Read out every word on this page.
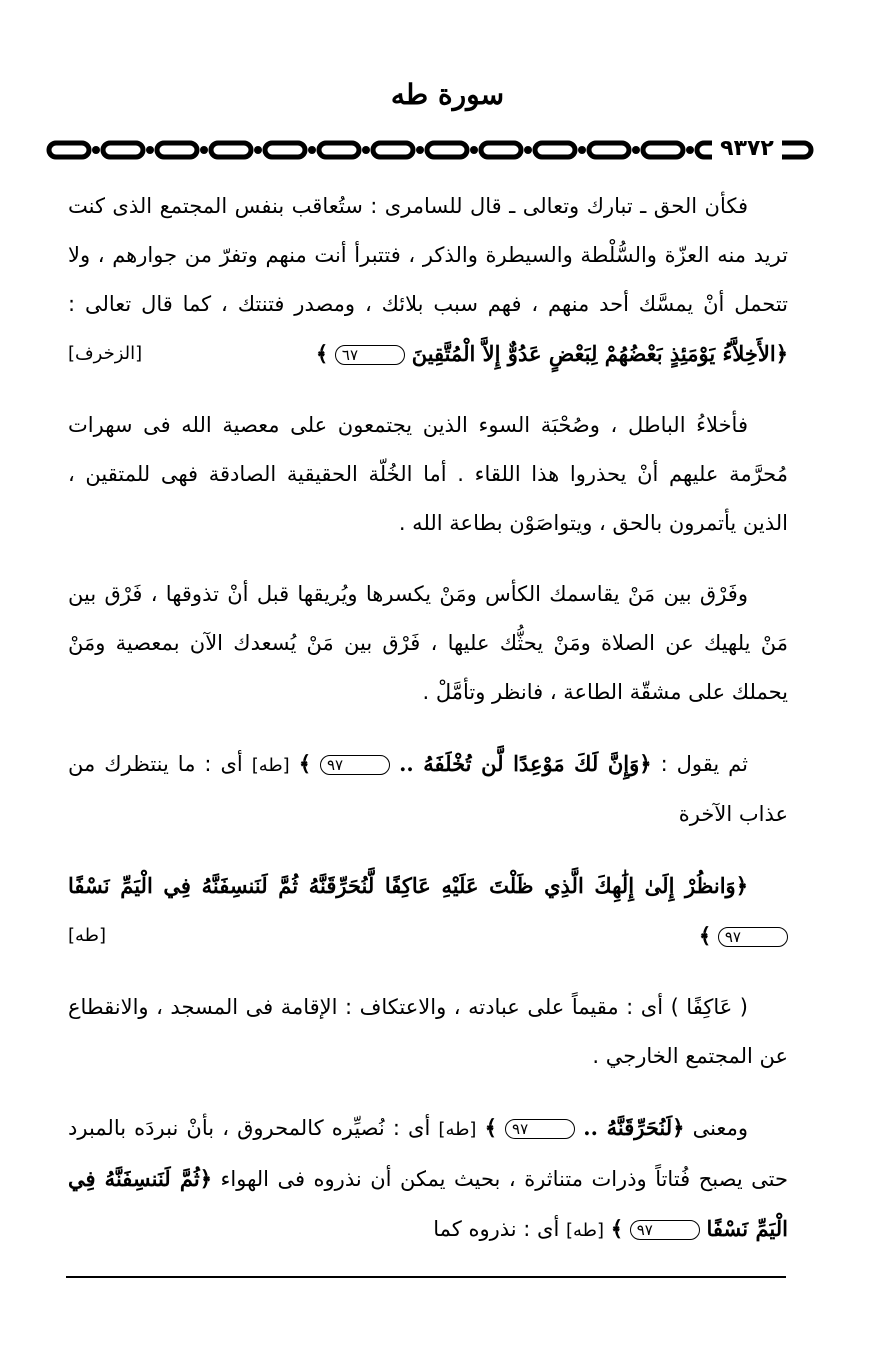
سورة طه
٩٣٧٢

فكأن الحق ـ تبارك وتعالى ـ قال للسامرى : ستُعاقب بنفس المجتمع الذى كنت تريد منه العزّة والسُّلْطة والسيطرة والذكر ، فتتبرأ أنت منهم وتفرّ من جوارهم ، ولا تتحمل أنْ يمسَّك أحد منهم ، فهم سبب بلائك ، ومصدر فتنتك ، كما قال تعالى : ﴿الأَخِلاَّءُ يَوْمَئِذٍ بَعْضُهُمْ لِبَعْضٍ عَدُوٌّ إِلاَّ الْمُتَّقِينَ ٦٧ ﴾
[الزخرف]

فأخلاءُ الباطل ، وصُحْبَة السوء الذين يجتمعون على معصية الله فى سهرات مُحرَّمة عليهم أنْ يحذروا هذا اللقاء . أما الخُلّة الحقيقية الصادقة فهى للمتقين ، الذين يأتمرون بالحق ، ويتواصَوْن بطاعة الله .

وفَرْق بين مَنْ يقاسمك الكأس ومَنْ يكسرها ويُريقها قبل أنْ تذوقها ، فَرْق بين مَنْ يلهيك عن الصلاة ومَنْ يحثُّك عليها ، فَرْق بين مَنْ يُسعدك الآن بمعصية ومَنْ يحملك على مشقّة الطاعة ، فانظر وتأمَّلْ .

ثم يقول : ﴿وَإِنَّ لَكَ مَوْعِدًا لَّن تُخْلَفَهُ .. ٩٧ ﴾ [طه] أى : ما ينتظرك من عذاب الآخرة

﴿وَانظُرْ إِلَىٰ إِلَٰهِكَ الَّذِي ظَلْتَ عَلَيْهِ عَاكِفًا لَّنُحَرِّقَنَّهُ ثُمَّ لَنَنسِفَنَّهُ فِي الْيَمِّ نَسْفًا ٩٧ ﴾
[طه]

( عَاكِفًا ) أى : مقيماً على عبادته ، والاعتكاف : الإقامة فى المسجد ، والانقطاع عن المجتمع الخارجي .

ومعنى ﴿لَنُحَرِّقَنَّهُ .. ٩٧ ﴾ [طه] أى : نُصيِّره كالمحروق ، بأنْ نبردَه بالمبرد حتى يصبح فُتاتاً وذرات متناثرة ، بحيث يمكن أن نذروه فى الهواء ﴿ثُمَّ لَنَنسِفَنَّهُ فِي الْيَمِّ نَسْفًا ٩٧ ﴾ [طه] أى : نذروه كما
